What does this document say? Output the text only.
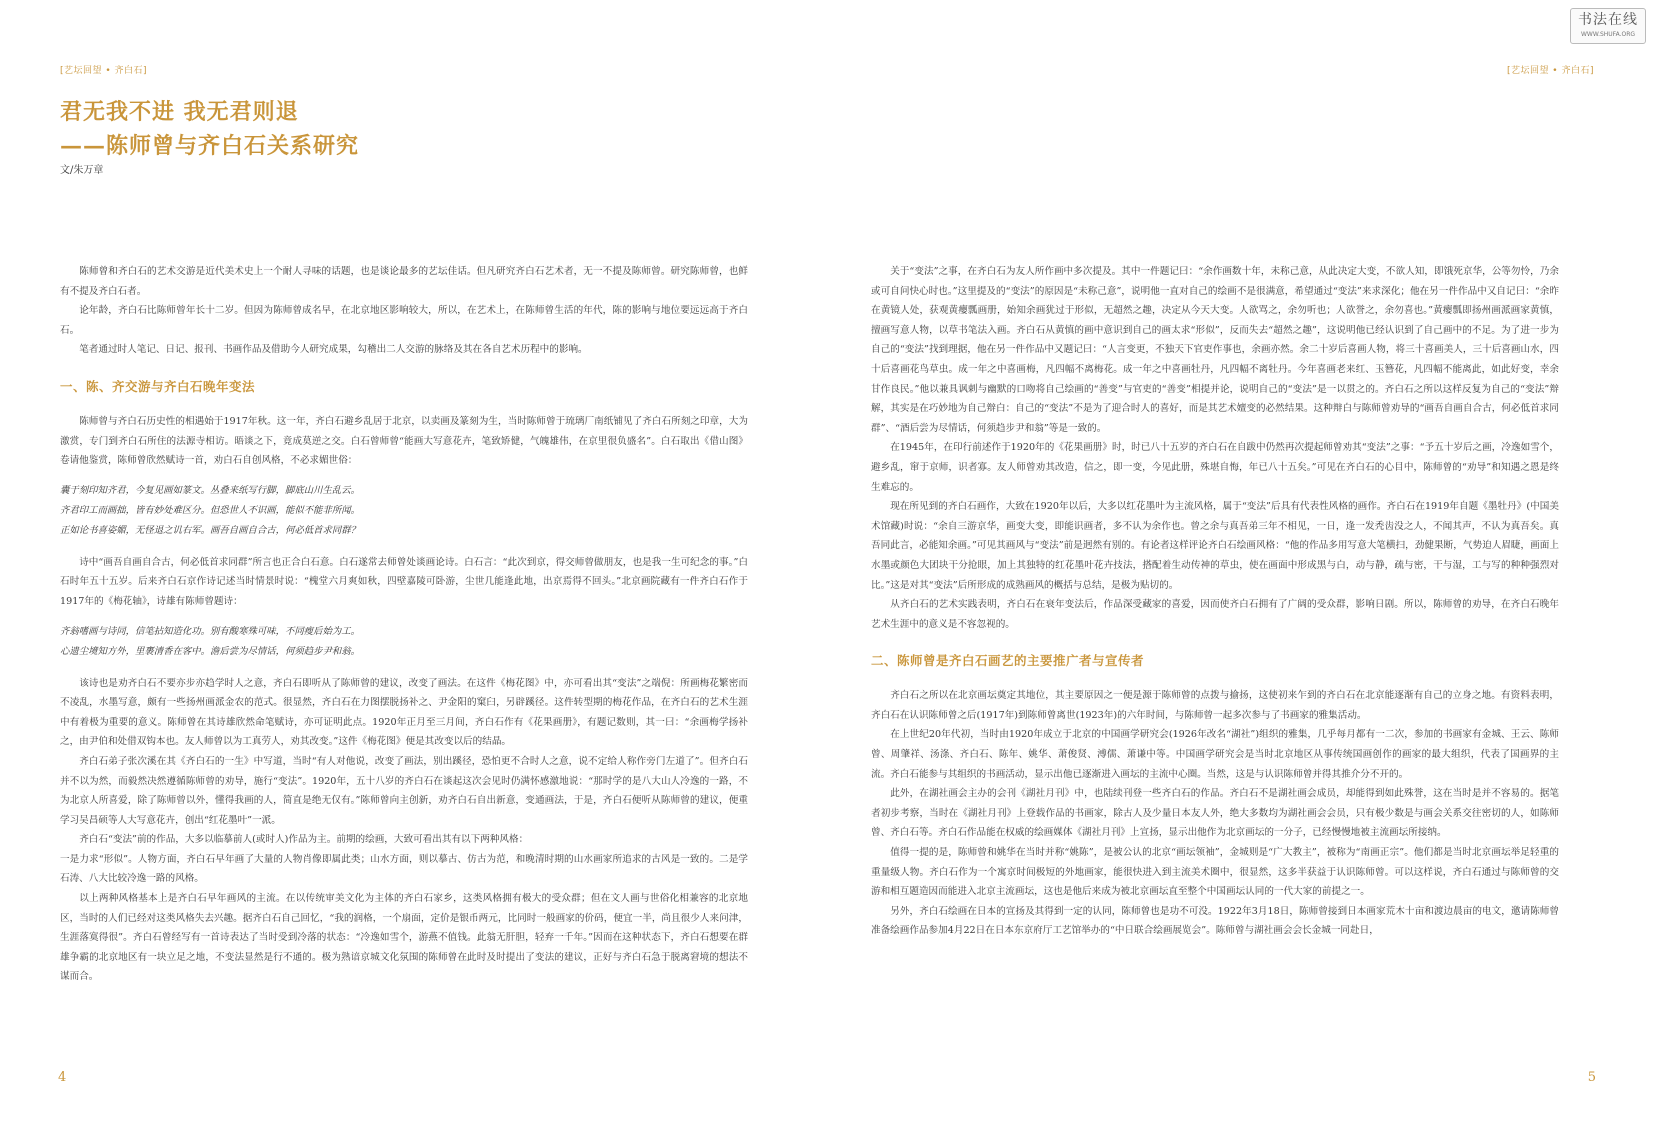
[艺坛回望 • 齐白石]
君无我不进 我无君则退
——陈师曾与齐白石关系研究
文/朱万章

陈师曾和齐白石的艺术交游是近代美术史上一个耐人寻味的话题，也是谈论最多的艺坛佳话。但凡研究齐白石艺术者，无一不提及陈师曾。研究陈师曾，也鲜有不提及齐白石者。

论年龄，齐白石比陈师曾年长十二岁。但因为陈师曾成名早，在北京地区影响较大，所以，在艺术上，在陈师曾生活的年代，陈的影响与地位要远远高于齐白石。

笔者通过时人笔记、日记、报刊、书画作品及借助今人研究成果，勾稽出二人交游的脉络及其在各自艺术历程中的影响。

一、陈、齐交游与齐白石晚年变法

陈师曾与齐白石历史性的相遇始于1917年秋。这一年，齐白石避乡乱居于北京，以卖画及篆刻为生，当时陈师曾于琉璃厂南纸铺见了齐白石所刻之印章，大为激赏，专门到齐白石所住的法源寺相访。晤谈之下，竟成莫逆之交。白石曾师曾“能画大写意花卉，笔致矫健，气魄雄伟，在京里很负盛名”。白石取出《借山图》卷请他鉴赏，陈师曾欣然赋诗一首，劝白石自创风格，不必求媚世俗：

囊于刻印知齐君，今复见画如篆文。丛叠来纸写行脚，脚底山川生乱云。
齐君印工而画拙，皆有妙处难区分。但恐世人不识画，能似不能非所闻。
正如论书喜姿媚，无怪退之讥右军。画吾自画自合古，何必低首求同群？

诗中“画吾自画自合古，何必低首求同群”所言也正合白石意。白石遂常去师曾处谈画论诗。白石言：“此次到京，得交师曾做朋友，也是我一生可纪念的事。”白石时年五十五岁。后来齐白石京作诗记述当时情景时说：“槐堂六月爽如秋，四壁嘉陵可卧游，尘世几能逢此地，出京焉得不回头。”北京画院藏有一件齐白石作于1917年的《梅花轴》，诗雄有陈师曾题诗：

齐翁嗜画与诗同，信笔拈知造化功。别有酸寒殊可味，不同瘦后始为工。
心遗尘境知方外，里裹清香在客中。澹后尝为尽情话，何须趋步尹和翁。

该诗也是劝齐白石不要亦步亦趋学时人之意，齐白石即听从了陈师曾的建议，改变了画法。在这件《梅花图》中，亦可看出其“变法”之端倪：所画梅花繁密而不凌乱，水墨写意，颇有一些扬州画派金农的范式。很显然，齐白石在力图摆脱扬补之、尹金阳的窠臼，另辟蹊径。这件转型期的梅花作品，在齐白石的艺术生涯中有着极为重要的意义。陈师曾在其诗雄欣然命笔赋诗，亦可证明此点。1920年正月至三月间，齐白石作有《花果画册》，有题记数则，其一曰：“余画梅学扬补之，由尹伯和处借双钩本也。友人师曾以为工真劳人，劝其改变。”这件《梅花图》便是其改变以后的结晶。

齐白石弟子张次溪在其《齐白石的一生》中写道，当时“有人对他说，改变了画法，别出蹊径，恐怕更不合时人之意，说不定给人称作旁门左道了”。但齐白石并不以为然，而毅然决然遵循陈师曾的劝导，施行“变法”。1920年，五十八岁的齐白石在谈起这次会见时仍满怀感激地说：“那时学的是八大山人冷逸的一路，不为北京人所喜爱，除了陈师曾以外，懂得我画的人，简直是绝无仅有。”陈师曾向主创新，劝齐白石自出新意，变通画法，于是，齐白石便听从陈师曾的建议，便重学习吴昌硕等人大写意花卉，创出“红花墨叶”一派。

齐白石“变法”前的作品，大多以临摹前人(或时人)作品为主。前期的绘画，大致可看出其有以下两种风格：

一是力求“形似”。人物方面，齐白石早年画了大量的人物肖像即属此类；山水方面，则以摹古、仿古为范，和晚清时期的山水画家所追求的古风是一致的。二是学石涛、八大比较冷逸一路的风格。

以上两种风格基本上是齐白石早年画风的主流。在以传统审美文化为主体的齐白石家乡，这类风格拥有极大的受众群；但在文人画与世俗化相兼容的北京地区，当时的人们已经对这类风格失去兴趣。据齐白石自己回忆，“我的润格，一个扇面，定价是银币两元，比同时一般画家的价码，便宜一半，尚且很少人来问津，生涯落寞得很”。齐白石曾经写有一首诗表达了当时受到冷落的状态：“冷逸如雪个，游燕不值钱。此翁无肝胆，轻弃一千年。”因而在这种状态下，齐白石想要在群雄争霸的北京地区有一块立足之地，不变法显然是行不通的。极为熟谙京城文化氛围的陈师曾在此时及时提出了变法的建议，正好与齐白石急于脱离窘境的想法不谋而合。

4
书法在线
WWW.SHUFA.ORG
[艺坛回望 • 齐白石]

关于“变法”之事，在齐白石为友人所作画中多次提及。其中一件题记曰：“余作画数十年，未称己意，从此决定大变，不欲人知，即饿死京华，公等勿怜，乃余或可自问快心时也。”这里提及的“变法”的原因是“未称己意”，说明他一直对自己的绘画不是很满意，希望通过“变法”来求深化；他在另一件作品中又自记曰：“余昨在黄镜人处，获观黄瘿瓢画册，始知余画犹过于形似，无超然之趣，决定从今天大变。人欲骂之，余勿听也；人欲誉之，余勿喜也。”黄瘿瓢即扬州画派画家黄慎，擅画写意人物，以草书笔法入画。齐白石从黄慎的画中意识到自己的画太求“形似”，反而失去“超然之趣”，这说明他已经认识到了自己画中的不足。为了进一步为自己的“变法”找到理据，他在另一件作品中又题记曰：“人言变更，不独天下官吏作事也，余画亦然。余二十岁后喜画人物，将三十喜画美人，三十后喜画山水，四十后喜画花鸟草虫。成一年之中喜画梅，凡四幅不离梅花。成一年之中喜画牡丹，凡四幅不离牡丹。今年喜画老来红、玉簪花，凡四幅不能离此，如此好变，幸余甘作良民。”他以兼具讽刺与幽默的口吻将自己绘画的“善变”与官吏的“善变”相提并论，说明自己的“变法”是一以贯之的。齐白石之所以这样反复为自己的“变法”辩解，其实是在巧妙地为自己辩白：自己的“变法”不是为了迎合时人的喜好，而是其艺术嬗变的必然结果。这种辩白与陈师曾劝导的“画吾自画自合古，何必低首求同群”、“酒后尝为尽情话，何须趋步尹和翁”等是一致的。

在1945年，在印行前述作于1920年的《花果画册》时，时已八十五岁的齐白石在自跋中仍然再次提起师曾劝其“变法”之事：“予五十岁后之画，冷逸如雪个，避乡乱，窜于京师，识者寡。友人师曾劝其改造，信之，即一变，今见此册，殊堪自悔，年已八十五矣。”可见在齐白石的心目中，陈师曾的“劝导”和知遇之恩是终生难忘的。

现在所见到的齐白石画作，大致在1920年以后，大多以红花墨叶为主流风格，属于“变法”后具有代表性风格的画作。齐白石在1919年自题《墨牡丹》(中国美术馆藏)时说：“余自三游京华，画变大变，即能识画者，多不认为余作也。曾之余与真吾弟三年不相见，一日，逢一发秃齿没之人，不闻其声，不认为真吾矣。真吾同此言，必能知余画。”可见其画风与“变法”前是迥然有别的。有论者这样评论齐白石绘画风格：“他的作品多用写意大笔横扫，劲健果断，气势迫人眉睫，画面上水墨或颜色大团块干分抢眼，加上其独特的红花墨叶花卉技法，搭配着生动传神的草虫，使在画面中形成黑与白，动与静，疏与密，干与湿，工与写的种种强烈对比。”这是对其“变法”后所形成的成熟画风的概括与总结，是极为贴切的。

从齐白石的艺术实践表明，齐白石在衰年变法后，作品深受藏家的喜爱，因而使齐白石拥有了广阔的受众群，影响日剧。所以，陈师曾的劝导，在齐白石晚年艺术生涯中的意义是不容忽视的。

二、陈师曾是齐白石画艺的主要推广者与宣传者

齐白石之所以在北京画坛奠定其地位，其主要原因之一便是源于陈师曾的点拨与揄扬，这使初来乍到的齐白石在北京能逐渐有自己的立身之地。有资料表明，齐白石在认识陈师曾之后(1917年)到陈师曾离世(1923年)的六年时间，与陈师曾一起多次参与了书画家的雅集活动。

在上世纪20年代初，当时由1920年成立于北京的中国画学研究会(1926年改名“湖社”)组织的雅集，几乎每月都有一二次，参加的书画家有金城、王云、陈师曾、周肇祥、汤涤、齐白石、陈年、姚华、萧俊贤、溥儒、萧谦中等。中国画学研究会是当时北京地区从事传统国画创作的画家的最大组织，代表了国画界的主流。齐白石能参与其组织的书画活动，显示出他已逐渐进入画坛的主流中心圈。当然，这是与认识陈师曾并得其推介分不开的。

此外，在湖社画会主办的会刊《湖社月刊》中，也陆续刊登一些齐白石的作品。齐白石不是湖社画会成员，却能得到如此殊誉，这在当时是并不容易的。据笔者初步考察，当时在《湖社月刊》上登载作品的书画家，除古人及少量日本友人外，绝大多数均为湖社画会会员，只有极少数是与画会关系交往密切的人，如陈师曾、齐白石等。齐白石作品能在权威的绘画媒体《湖社月刊》上宣扬，显示出他作为北京画坛的一分子，已经慢慢地被主流画坛所接纳。

值得一提的是，陈师曾和姚华在当时并称“姚陈”，是被公认的北京“画坛领袖”，金城则是“广大教主”，被称为“南画正宗”。他们都是当时北京画坛举足轻重的重量级人物。齐白石作为一个寓京时间极短的外地画家，能很快进入到主流美术圈中，很显然，这多半获益于认识陈师曾。可以这样说，齐白石通过与陈师曾的交游和相互题造因而能进入北京主流画坛，这也是他后来成为被北京画坛直至整个中国画坛认同的一代大家的前提之一。

另外，齐白石绘画在日本的宣扬及其得到一定的认同，陈师曾也是功不可没。1922年3月18日，陈师曾接到日本画家荒木十亩和渡边晨亩的电文，邀请陈师曾准备绘画作品参加4月22日在日本东京府厅工艺馆举办的“中日联合绘画展览会”。陈师曾与湖社画会会长金城一同赴日，

5
